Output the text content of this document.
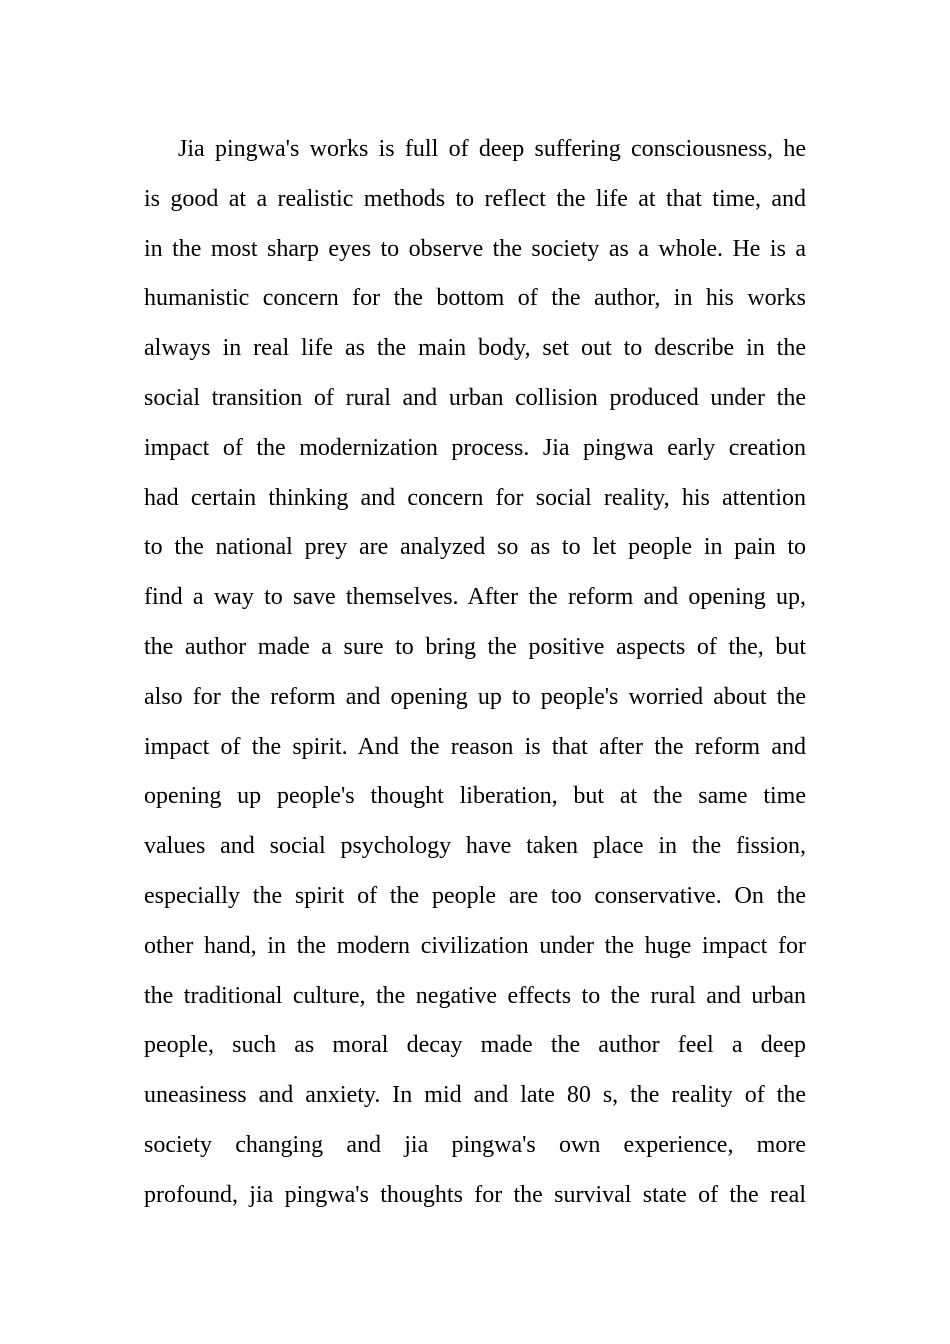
Jia pingwa's works is full of deep suffering consciousness, he
is good at a realistic methods to reflect the life at that time, and
in the most sharp eyes to observe the society as a whole. He is a
humanistic concern for the bottom of the author, in his works
always in real life as the main body, set out to describe in the
social transition of rural and urban collision produced under the
impact of the modernization process. Jia pingwa early creation
had certain thinking and concern for social reality, his attention
to the national prey are analyzed so as to let people in pain to
find a way to save themselves. After the reform and opening up,
the author made a sure to bring the positive aspects of the, but
also for the reform and opening up to people's worried about the
impact of the spirit. And the reason is that after the reform and
opening up people's thought liberation, but at the same time
values and social psychology have taken place in the fission,
especially the spirit of the people are too conservative. On the
other hand, in the modern civilization under the huge impact for
the traditional culture, the negative effects to the rural and urban
people, such as moral decay made the author feel a deep
uneasiness and anxiety. In mid and late 80 s, the reality of the
society changing and jia pingwa's own experience, more
profound, jia pingwa's thoughts for the survival state of the real
